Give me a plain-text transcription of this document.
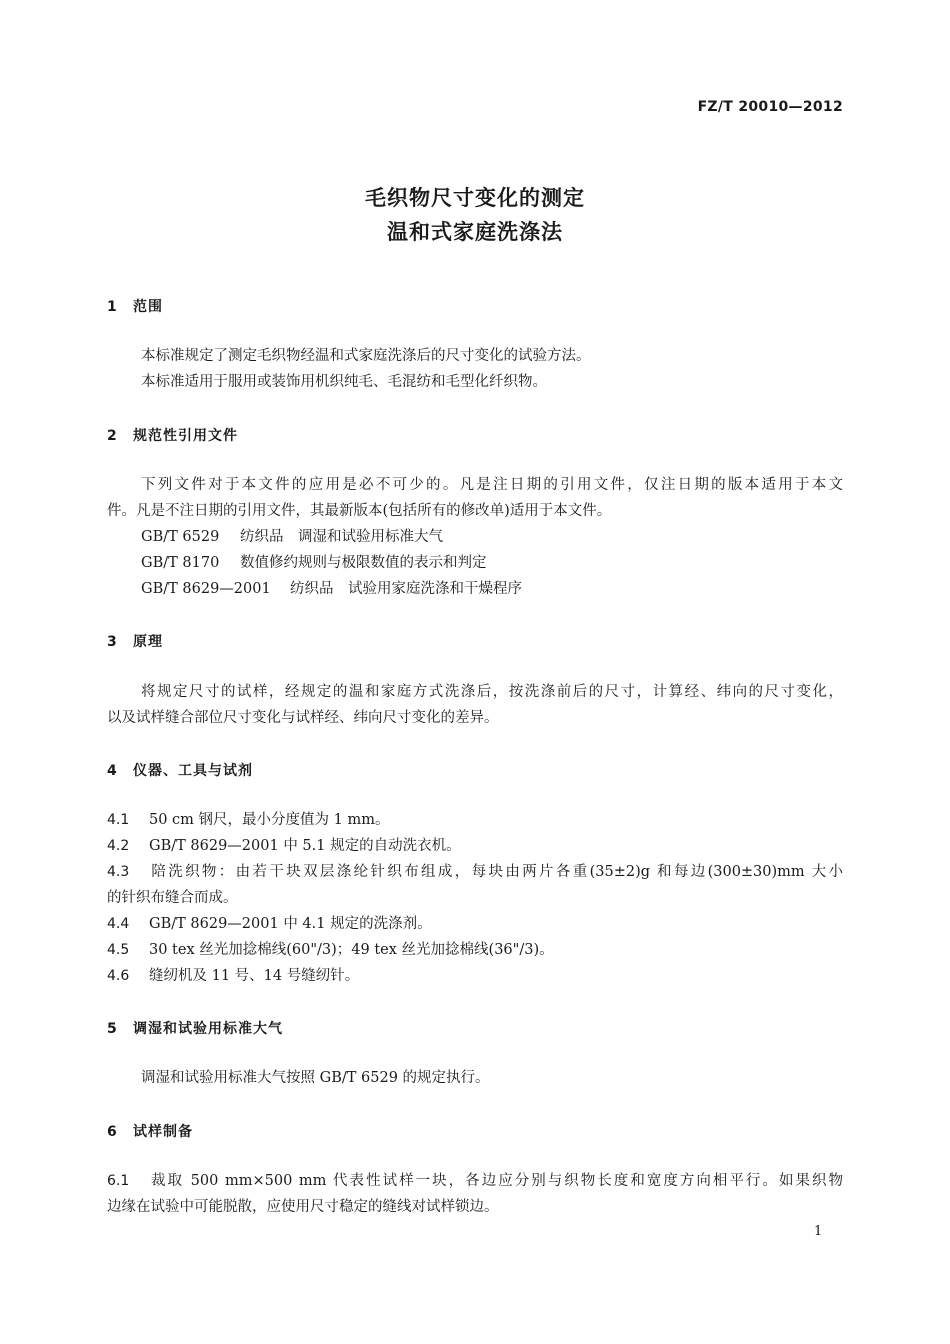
FZ/T 20010—2012
毛织物尺寸变化的测定
温和式家庭洗涤法
1 范围
本标准规定了测定毛织物经温和式家庭洗涤后的尺寸变化的试验方法。
本标准适用于服用或装饰用机织纯毛、毛混纺和毛型化纤织物。
2 规范性引用文件
下列文件对于本文件的应用是必不可少的。凡是注日期的引用文件，仅注日期的版本适用于本文
件。凡是不注日期的引用文件，其最新版本(包括所有的修改单)适用于本文件。
GB/T 6529 纺织品　调湿和试验用标准大气
GB/T 8170 数值修约规则与极限数值的表示和判定
GB/T 8629—2001 纺织品　试验用家庭洗涤和干燥程序
3 原理
将规定尺寸的试样，经规定的温和家庭方式洗涤后，按洗涤前后的尺寸，计算经、纬向的尺寸变化，
以及试样缝合部位尺寸变化与试样经、纬向尺寸变化的差异。
4 仪器、工具与试剂
4.1 50 cm 钢尺，最小分度值为 1 mm。
4.2 GB/T 8629—2001 中 5.1 规定的自动洗衣机。
4.3 陪洗织物：由若干块双层涤纶针织布组成，每块由两片各重(35±2)g 和每边(300±30)mm 大小
的针织布缝合而成。
4.4 GB/T 8629—2001 中 4.1 规定的洗涤剂。
4.5 30 tex 丝光加捻棉线(60"/3)；49 tex 丝光加捻棉线(36"/3)。
4.6 缝纫机及 11 号、14 号缝纫针。
5 调湿和试验用标准大气
调湿和试验用标准大气按照 GB/T 6529 的规定执行。
6 试样制备
6.1 裁取 500 mm×500 mm 代表性试样一块，各边应分别与织物长度和宽度方向相平行。如果织物
边缘在试验中可能脱散，应使用尺寸稳定的缝线对试样锁边。
1
